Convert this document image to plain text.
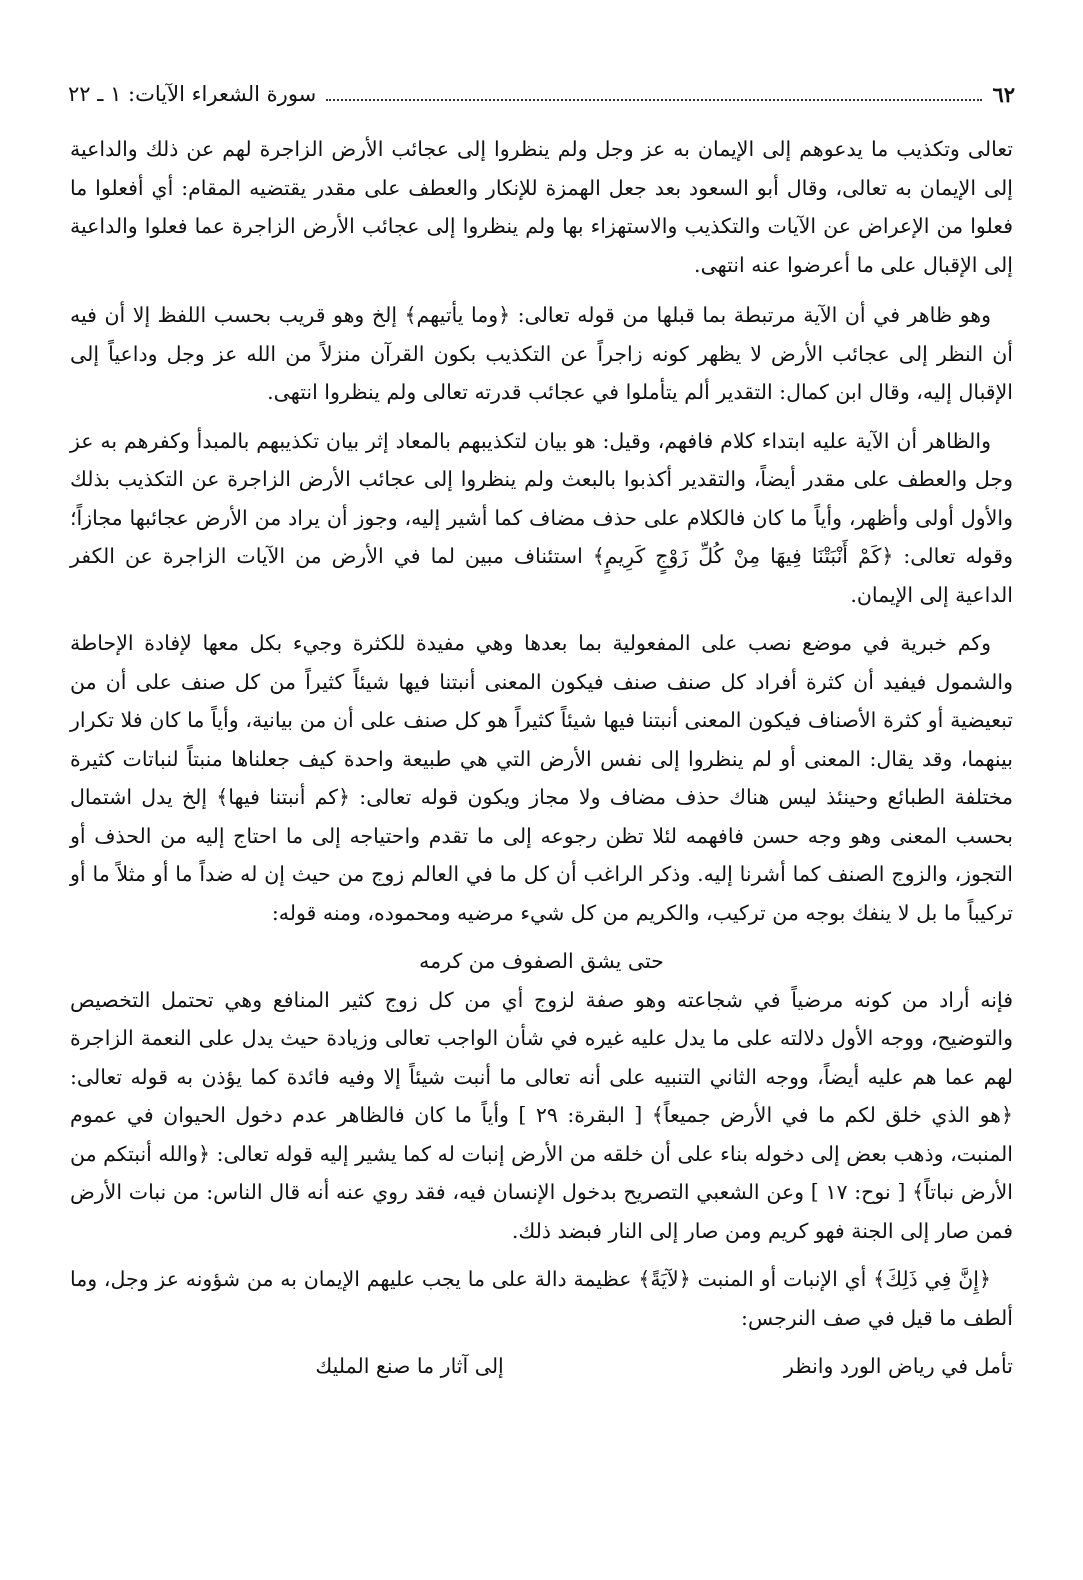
٦٢
سورة الشعراء الآيات: ١ ـ ٢٢

تعالى وتكذيب ما يدعوهم إلى الإيمان به عز وجل ولم ينظروا إلى عجائب الأرض الزاجرة لهم عن ذلك والداعية إلى الإيمان به تعالى، وقال أبو السعود بعد جعل الهمزة للإنكار والعطف على مقدر يقتضيه المقام: أي أفعلوا ما فعلوا من الإعراض عن الآيات والتكذيب والاستهزاء بها ولم ينظروا إلى عجائب الأرض الزاجرة عما فعلوا والداعية إلى الإقبال على ما أعرضوا عنه انتهى.

وهو ظاهر في أن الآية مرتبطة بما قبلها من قوله تعالى: ﴿وما يأتيهم﴾ إلخ وهو قريب بحسب اللفظ إلا أن فيه أن النظر إلى عجائب الأرض لا يظهر كونه زاجراً عن التكذيب بكون القرآن منزلاً من الله عز وجل وداعياً إلى الإقبال إليه، وقال ابن كمال: التقدير ألم يتأملوا في عجائب قدرته تعالى ولم ينظروا انتهى.

والظاهر أن الآية عليه ابتداء كلام فافهم، وقيل: هو بيان لتكذيبهم بالمعاد إثر بيان تكذيبهم بالمبدأ وكفرهم به عز وجل والعطف على مقدر أيضاً، والتقدير أكذبوا بالبعث ولم ينظروا إلى عجائب الأرض الزاجرة عن التكذيب بذلك والأول أولى وأظهر، وأياً ما كان فالكلام على حذف مضاف كما أشير إليه، وجوز أن يراد من الأرض عجائبها مجازاً؛ وقوله تعالى: ﴿كَمْ أَنْبَتْنَا فِيهَا مِنْ كُلِّ زَوْجٍ كَرِيمٍ﴾ استئناف مبين لما في الأرض من الآيات الزاجرة عن الكفر الداعية إلى الإيمان.

وكم خبرية في موضع نصب على المفعولية بما بعدها وهي مفيدة للكثرة وجيء بكل معها لإفادة الإحاطة والشمول فيفيد أن كثرة أفراد كل صنف صنف فيكون المعنى أنبتنا فيها شيئاً كثيراً من كل صنف على أن من تبعيضية أو كثرة الأصناف فيكون المعنى أنبتنا فيها شيئاً كثيراً هو كل صنف على أن من بيانية، وأياً ما كان فلا تكرار بينهما، وقد يقال: المعنى أو لم ينظروا إلى نفس الأرض التي هي طبيعة واحدة كيف جعلناها منبتاً لنباتات كثيرة مختلفة الطبائع وحينئذ ليس هناك حذف مضاف ولا مجاز ويكون قوله تعالى: ﴿كم أنبتنا فيها﴾ إلخ يدل اشتمال بحسب المعنى وهو وجه حسن فافهمه لئلا تظن رجوعه إلى ما تقدم واحتياجه إلى ما احتاج إليه من الحذف أو التجوز، والزوج الصنف كما أشرنا إليه. وذكر الراغب أن كل ما في العالم زوج من حيث إن له ضداً ما أو مثلاً ما أو تركيباً ما بل لا ينفك بوجه من تركيب، والكريم من كل شيء مرضيه ومحموده، ومنه قوله:

حتى يشق الصفوف من كرمه

فإنه أراد من كونه مرضياً في شجاعته وهو صفة لزوج أي من كل زوج كثير المنافع وهي تحتمل التخصيص والتوضيح، ووجه الأول دلالته على ما يدل عليه غيره في شأن الواجب تعالى وزيادة حيث يدل على النعمة الزاجرة لهم عما هم عليه أيضاً، ووجه الثاني التنبيه على أنه تعالى ما أنبت شيئاً إلا وفيه فائدة كما يؤذن به قوله تعالى: ﴿هو الذي خلق لكم ما في الأرض جميعاً﴾ [ البقرة: ٢٩ ] وأياً ما كان فالظاهر عدم دخول الحيوان في عموم المنبت، وذهب بعض إلى دخوله بناء على أن خلقه من الأرض إنبات له كما يشير إليه قوله تعالى: ﴿والله أنبتكم من الأرض نباتاً﴾ [ نوح: ١٧ ] وعن الشعبي التصريح بدخول الإنسان فيه، فقد روي عنه أنه قال الناس: من نبات الأرض فمن صار إلى الجنة فهو كريم ومن صار إلى النار فبضد ذلك.

﴿إِنَّ فِي ذَلِكَ﴾ أي الإنبات أو المنبت ﴿لآيَةً﴾ عظيمة دالة على ما يجب عليهم الإيمان به من شؤونه عز وجل، وما ألطف ما قيل في صف النرجس:

تأمل في رياض الورد وانظر
إلى آثار ما صنع المليك
